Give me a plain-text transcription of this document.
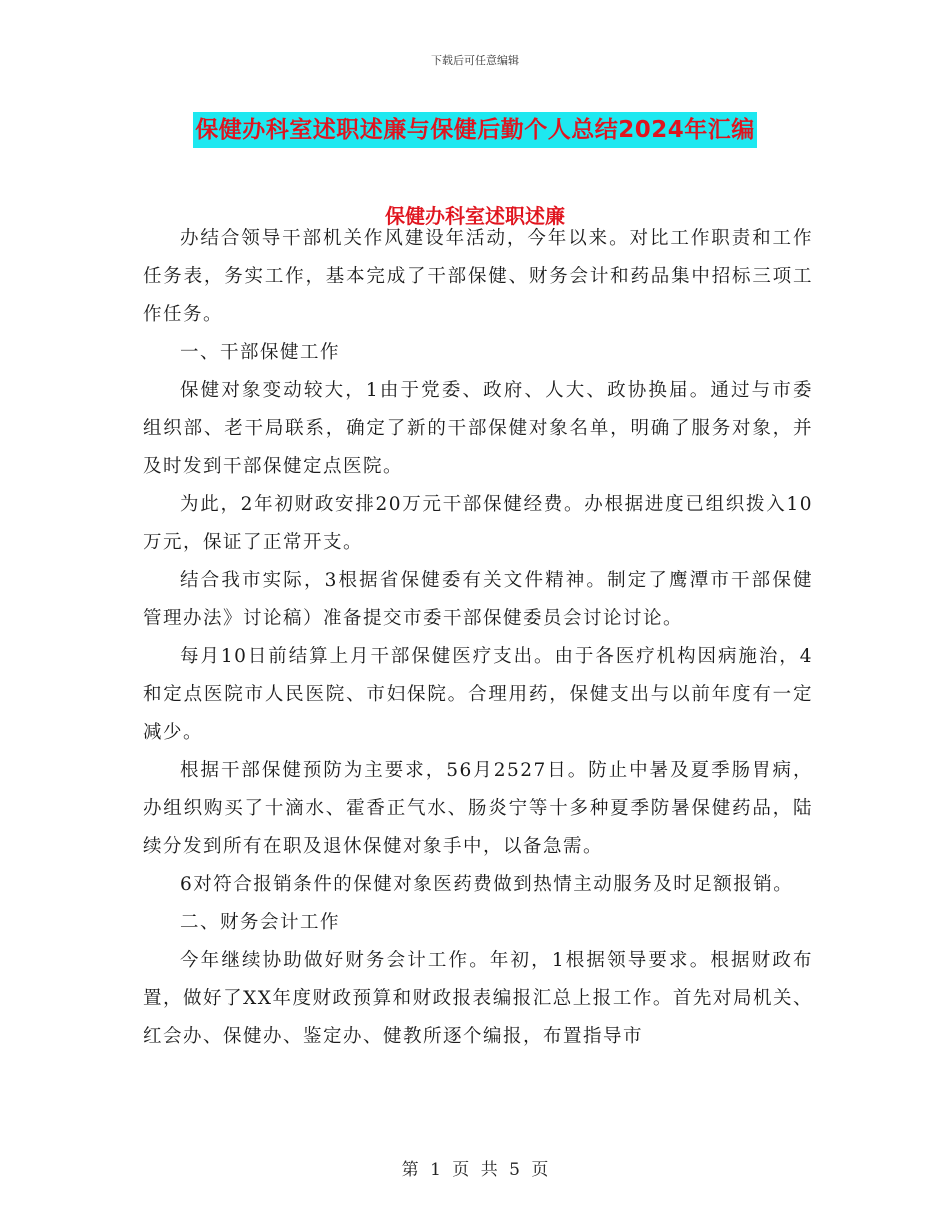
下载后可任意编辑
保健办科室述职述廉与保健后勤个人总结2024年汇编
保健办科室述职述廉

办结合领导干部机关作风建设年活动，今年以来。对比工作职责和工作任务表，务实工作，基本完成了干部保健、财务会计和药品集中招标三项工作任务。

一、干部保健工作

保健对象变动较大，1由于党委、政府、人大、政协换届。通过与市委组织部、老干局联系，确定了新的干部保健对象名单，明确了服务对象，并及时发到干部保健定点医院。

为此，2年初财政安排20万元干部保健经费。办根据进度已组织拨入10万元，保证了正常开支。

结合我市实际，3根据省保健委有关文件精神。制定了鹰潭市干部保健管理办法》讨论稿）准备提交市委干部保健委员会讨论讨论。

每月10日前结算上月干部保健医疗支出。由于各医疗机构因病施治，4和定点医院市人民医院、市妇保院。合理用药，保健支出与以前年度有一定减少。

根据干部保健预防为主要求，56月2527日。防止中暑及夏季肠胃病，办组织购买了十滴水、霍香正气水、肠炎宁等十多种夏季防暑保健药品，陆续分发到所有在职及退休保健对象手中，以备急需。

6对符合报销条件的保健对象医药费做到热情主动服务及时足额报销。

二、财务会计工作

今年继续协助做好财务会计工作。年初，1根据领导要求。根据财政布置，做好了XX年度财政预算和财政报表编报汇总上报工作。首先对局机关、红会办、保健办、鉴定办、健教所逐个编报，布置指导市

第 1 页 共 5 页
